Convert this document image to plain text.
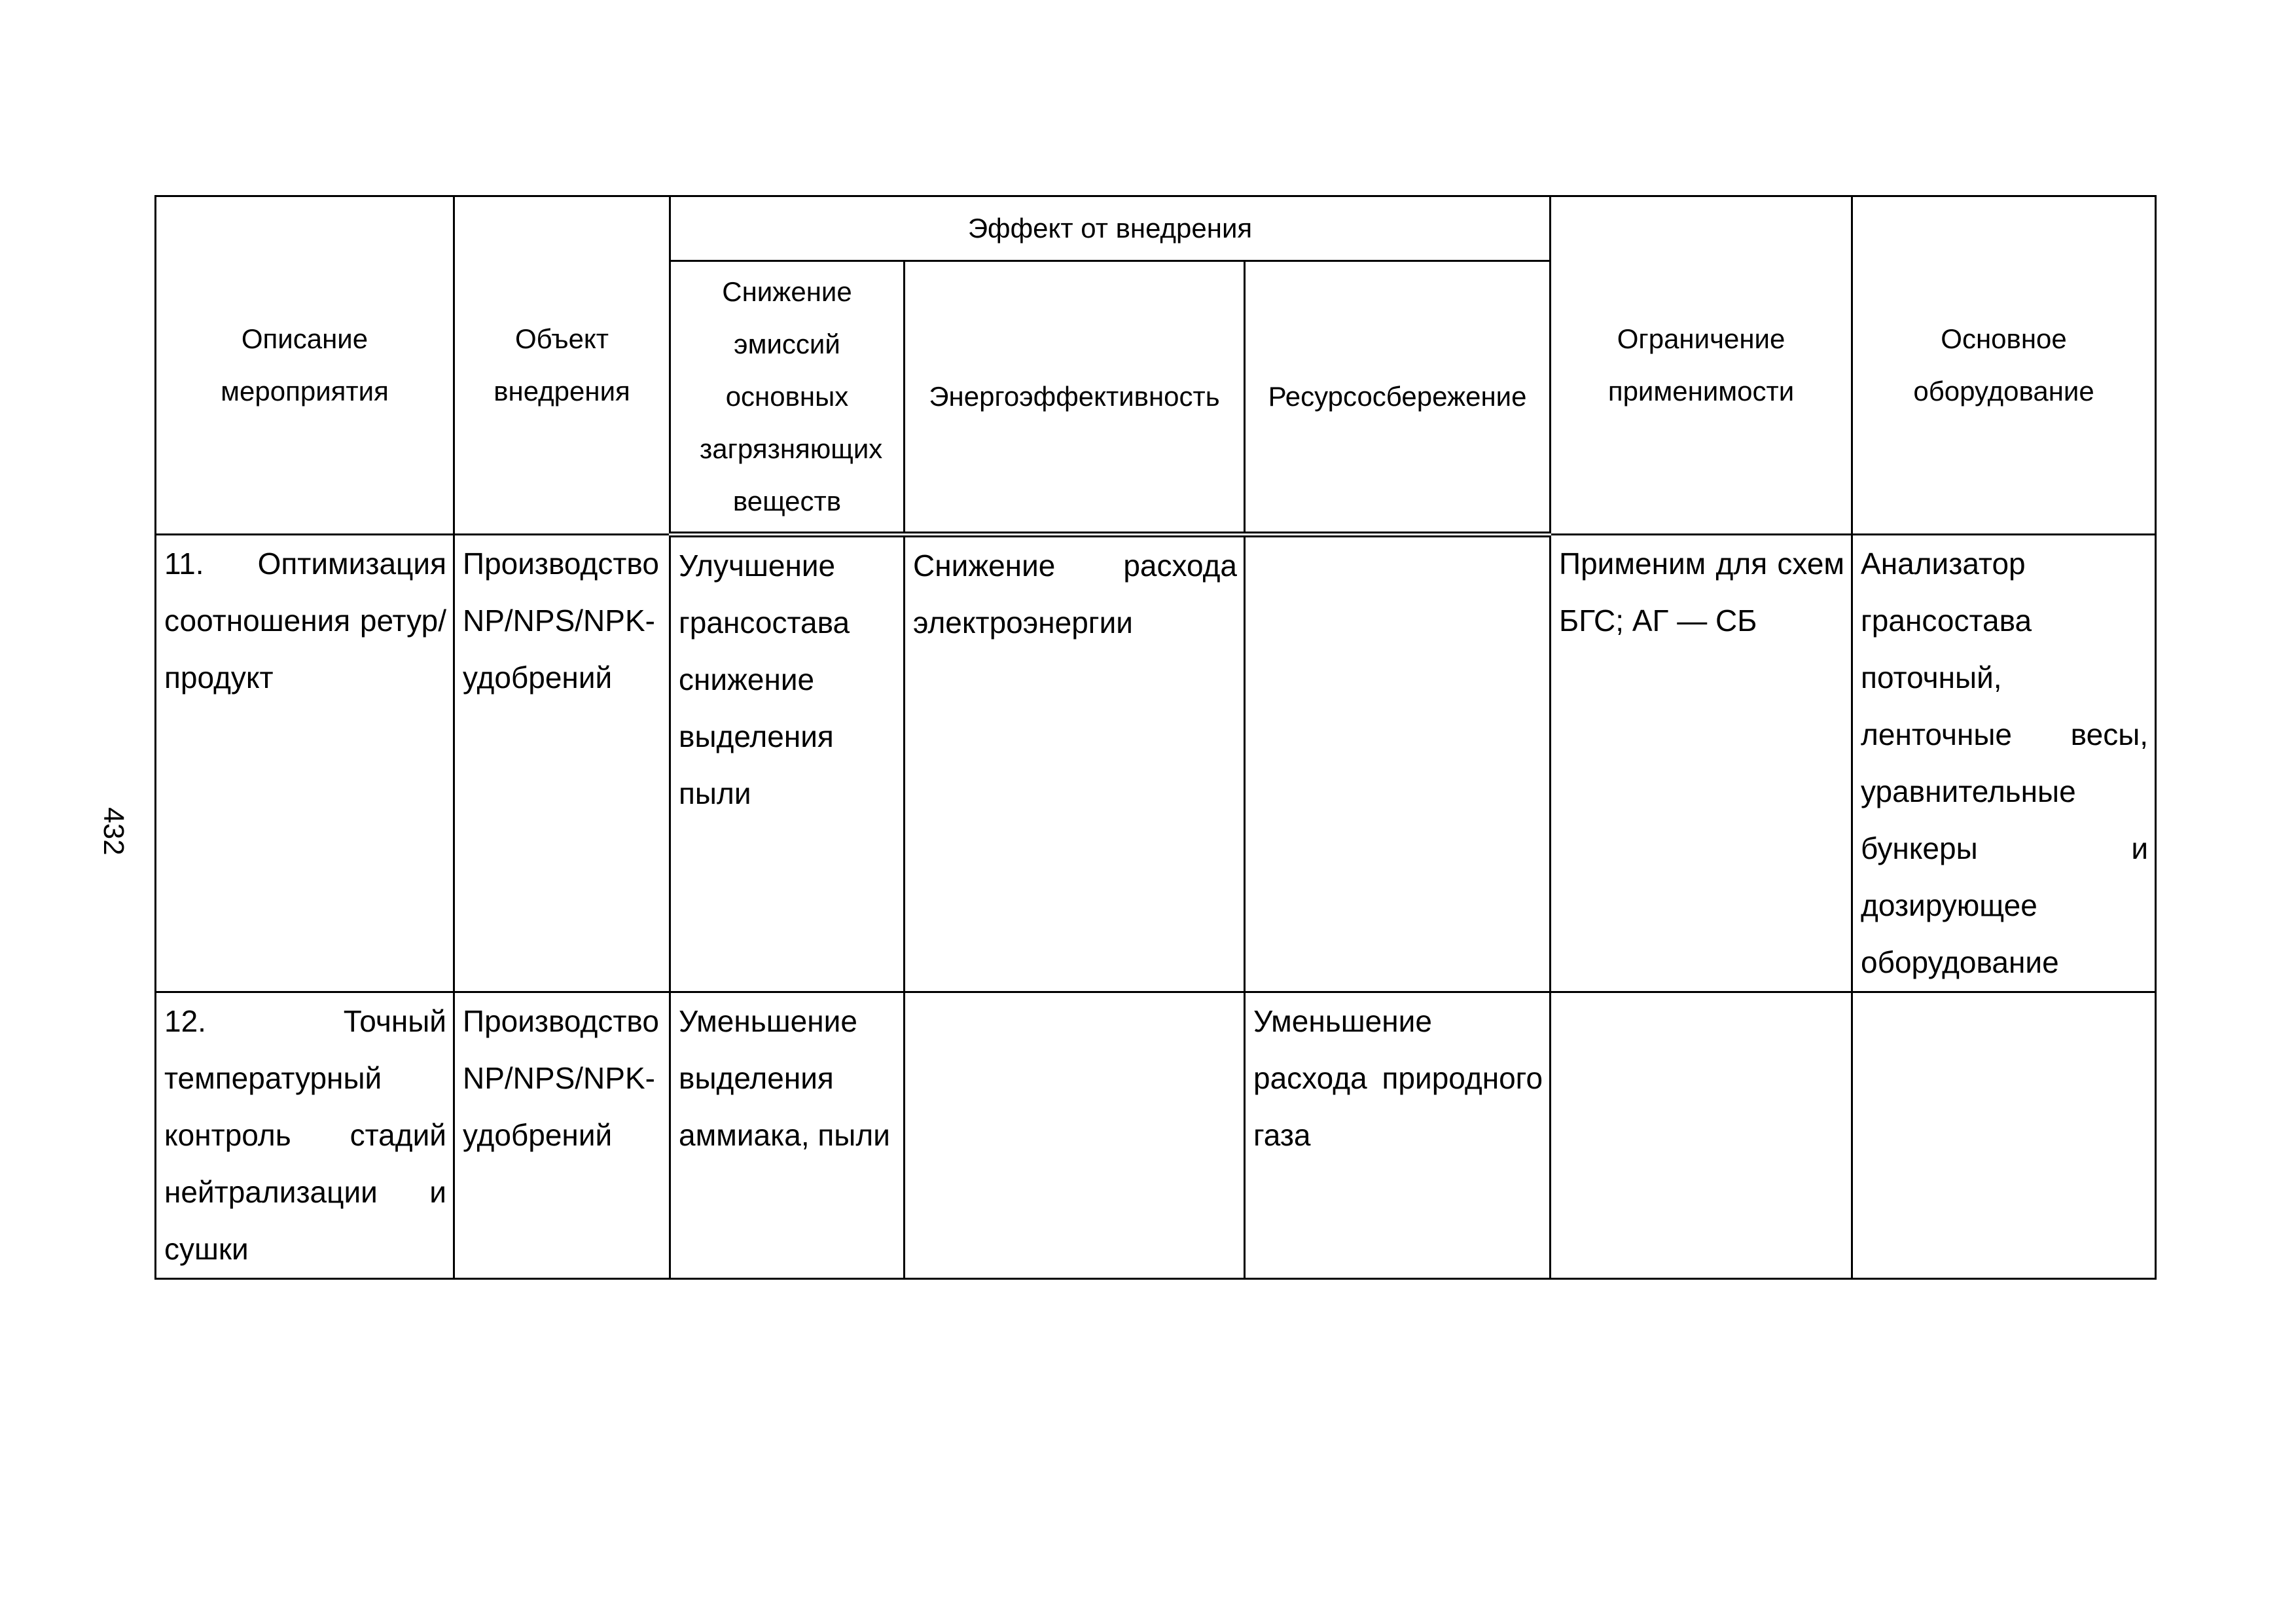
432
Описание мероприятия	Объект внедрения	Эффект от внедрения			Ограничение применимости	Основное оборудование

		Снижение эмиссий основных загрязняющих веществ	Энергоэффективность	Ресурсосбережение		

11. Оптимизация соотношения ретур/продукт	Производство NP/NPS/NPK-удобрений	Улучшение грансостава снижение выделения пыли	Снижение расхода электроэнергии		Применим для схем БГС; АГ — СБ	Анализатор грансостава поточный, ленточные весы, уравнительные бункеры и дозирующее оборудование

12. Точный температурный контроль стадий нейтрализации и сушки	Производство NP/NPS/NPK-удобрений	Уменьшение выделения аммиака, пыли		Уменьшение расхода природного газа		
